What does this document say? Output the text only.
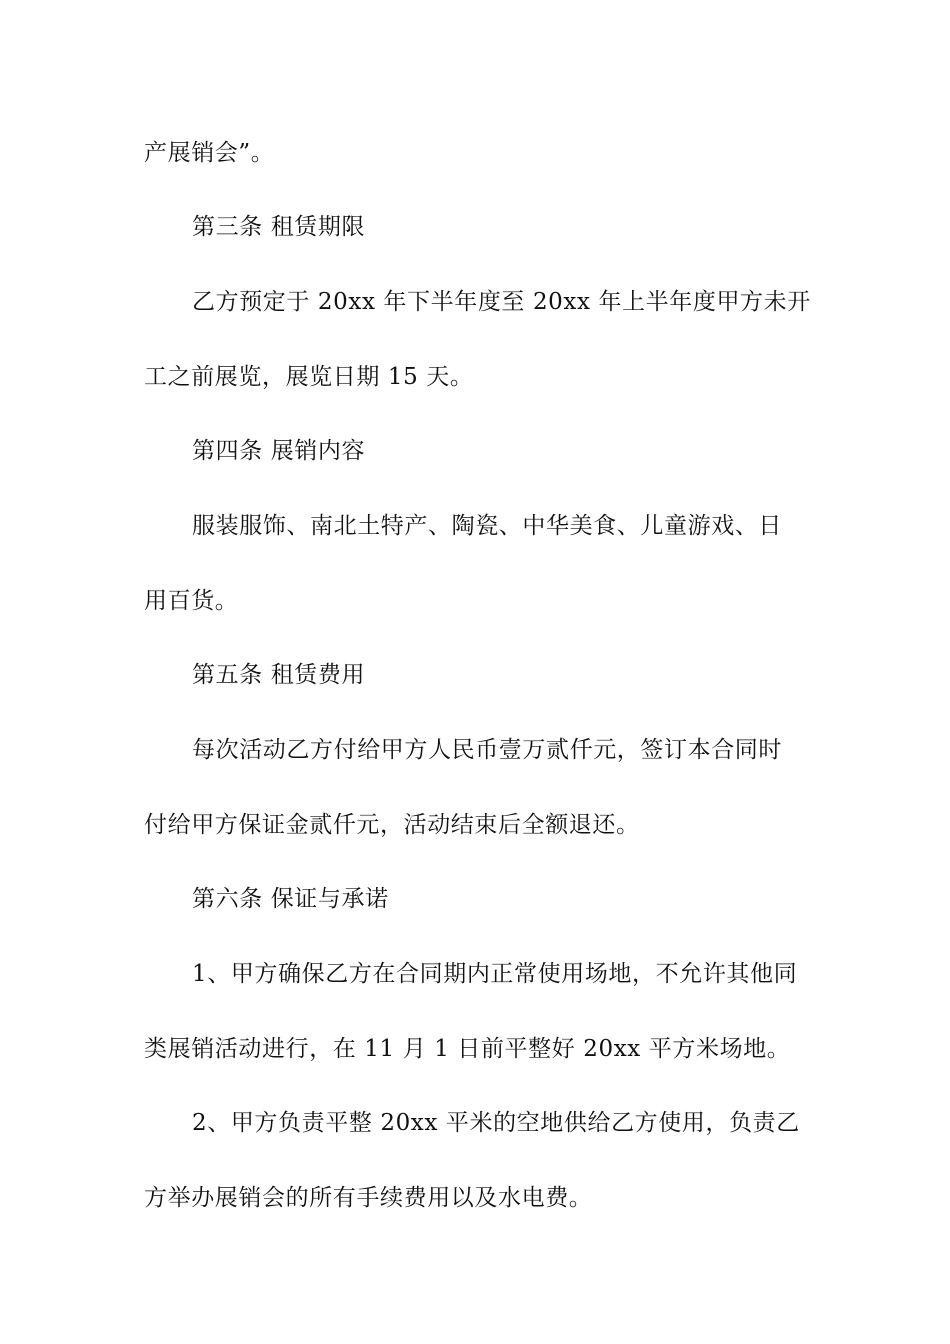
产展销会”。
第三条 租赁期限
乙方预定于 20xx 年下半年度至 20xx 年上半年度甲方未开
工之前展览，展览日期 15 天。
第四条 展销内容
服装服饰、南北土特产、陶瓷、中华美食、儿童游戏、日
用百货。
第五条 租赁费用
每次活动乙方付给甲方人民币壹万贰仟元，签订本合同时
付给甲方保证金贰仟元，活动结束后全额退还。
第六条 保证与承诺
1、甲方确保乙方在合同期内正常使用场地，不允许其他同
类展销活动进行，在 11 月 1 日前平整好 20xx 平方米场地。
2、甲方负责平整 20xx 平米的空地供给乙方使用，负责乙
方举办展销会的所有手续费用以及水电费。
